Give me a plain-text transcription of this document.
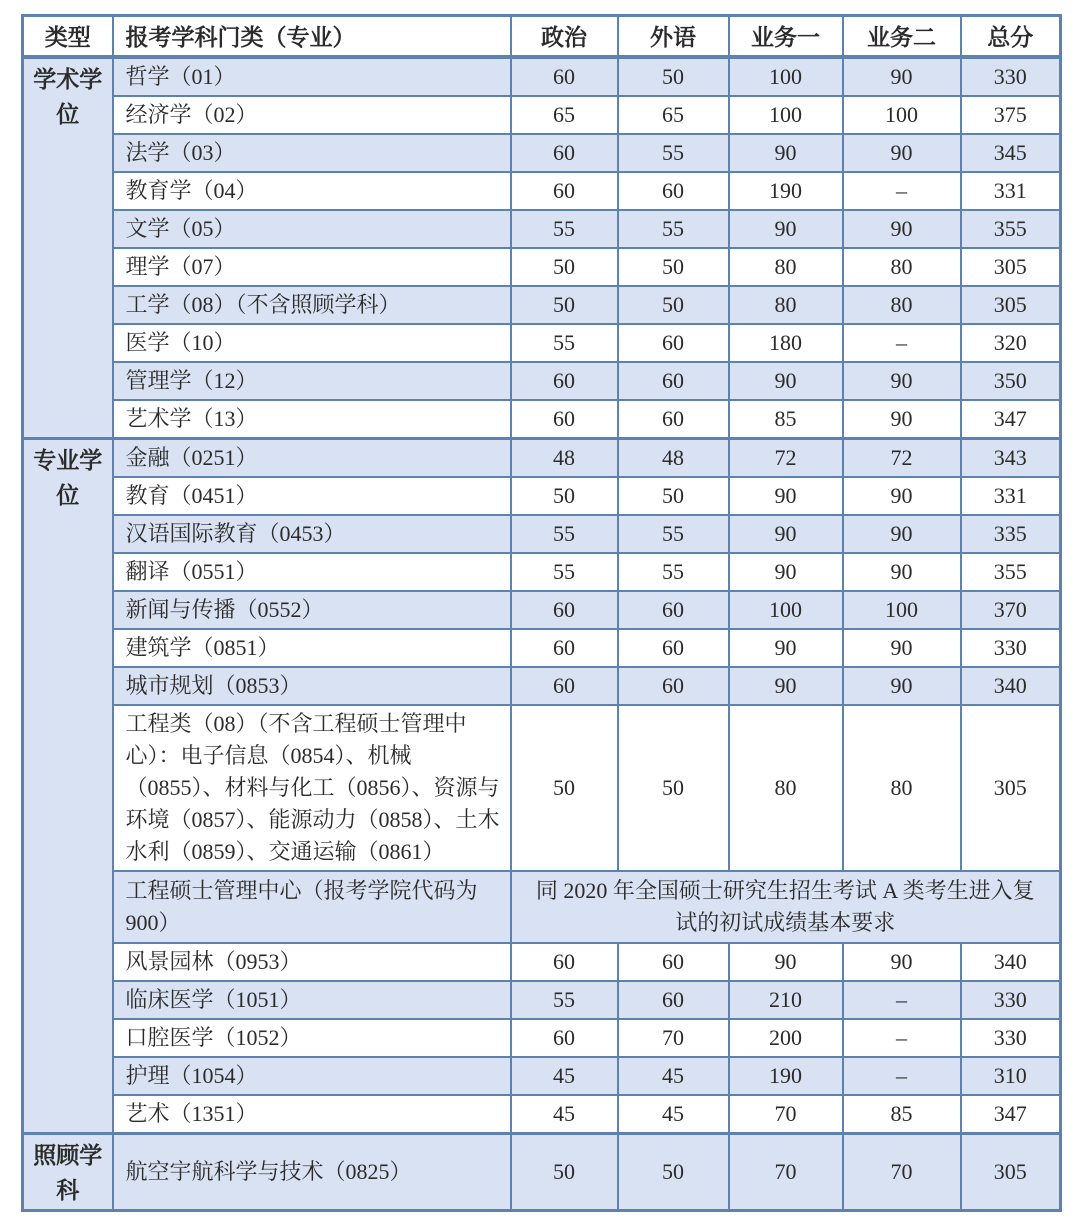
类型	报考学科门类（专业）	政治	外语	业务一	业务二	总分
学术学位	哲学（01）	60	50	100	90	330
	经济学（02）	65	65	100	100	375
	法学（03）	60	55	90	90	345
	教育学（04）	60	60	190	–	331
	文学（05）	55	55	90	90	355
	理学（07）	50	50	80	80	305
	工学（08）（不含照顾学科）	50	50	80	80	305
	医学（10）	55	60	180	–	320
	管理学（12）	60	60	90	90	350
	艺术学（13）	60	60	85	90	347
专业学位	金融（0251）	48	48	72	72	343
	教育（0451）	50	50	90	90	331
	汉语国际教育（0453）	55	55	90	90	335
	翻译（0551）	55	55	90	90	355
	新闻与传播（0552）	60	60	100	100	370
	建筑学（0851）	60	60	90	90	330
	城市规划（0853）	60	60	90	90	340
	工程类（08）（不含工程硕士管理中心）：电子信息（0854）、机械（0855）、材料与化工（0856）、资源与环境（0857）、能源动力（0858）、土木水利（0859）、交通运输（0861）	50	50	80	80	305
	工程硕士管理中心（报考学院代码为 900）	同 2020 年全国硕士研究生招生考试 A 类考生进入复试的初试成绩基本要求				
	风景园林（0953）	60	60	90	90	340
	临床医学（1051）	55	60	210	–	330
	口腔医学（1052）	60	70	200	–	330
	护理（1054）	45	45	190	–	310
	艺术（1351）	45	45	70	85	347
照顾学科	航空宇航科学与技术（0825）	50	50	70	70	305
